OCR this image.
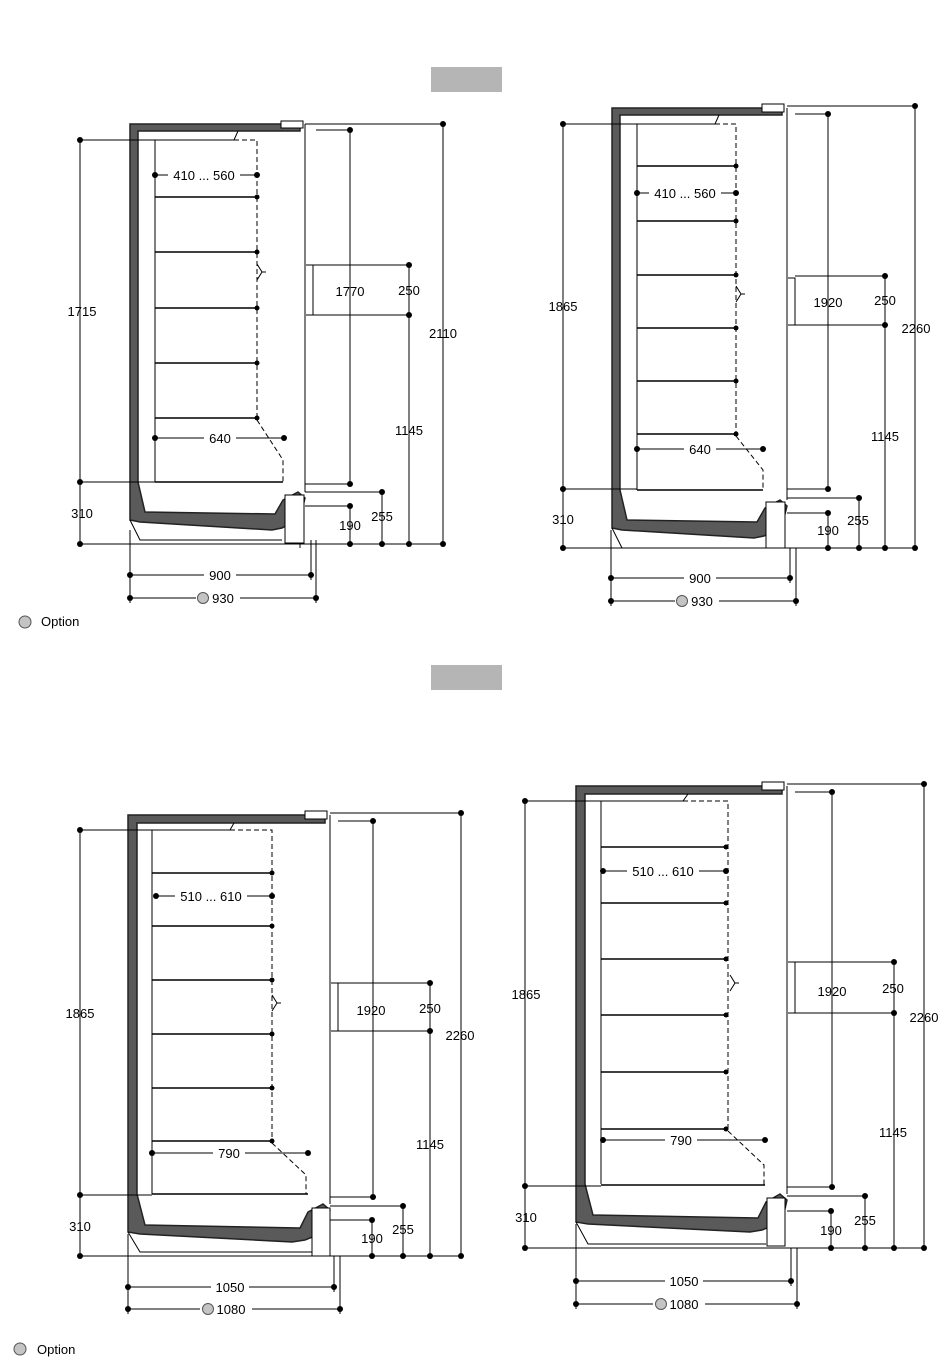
410 ... 560
640
1715
310
2110
1770	250
1145
255
190
900
930
410 ... 560
640
1865
310
2260
1920 250
1145
255
190
900
930
Option
510 ... 610
790
1865
310
2260
1920	250
1145
255
190
1050
1080
510 ... 610
790
1865
310
2260
1920	250
1145
255
190
1050
1080
Option
